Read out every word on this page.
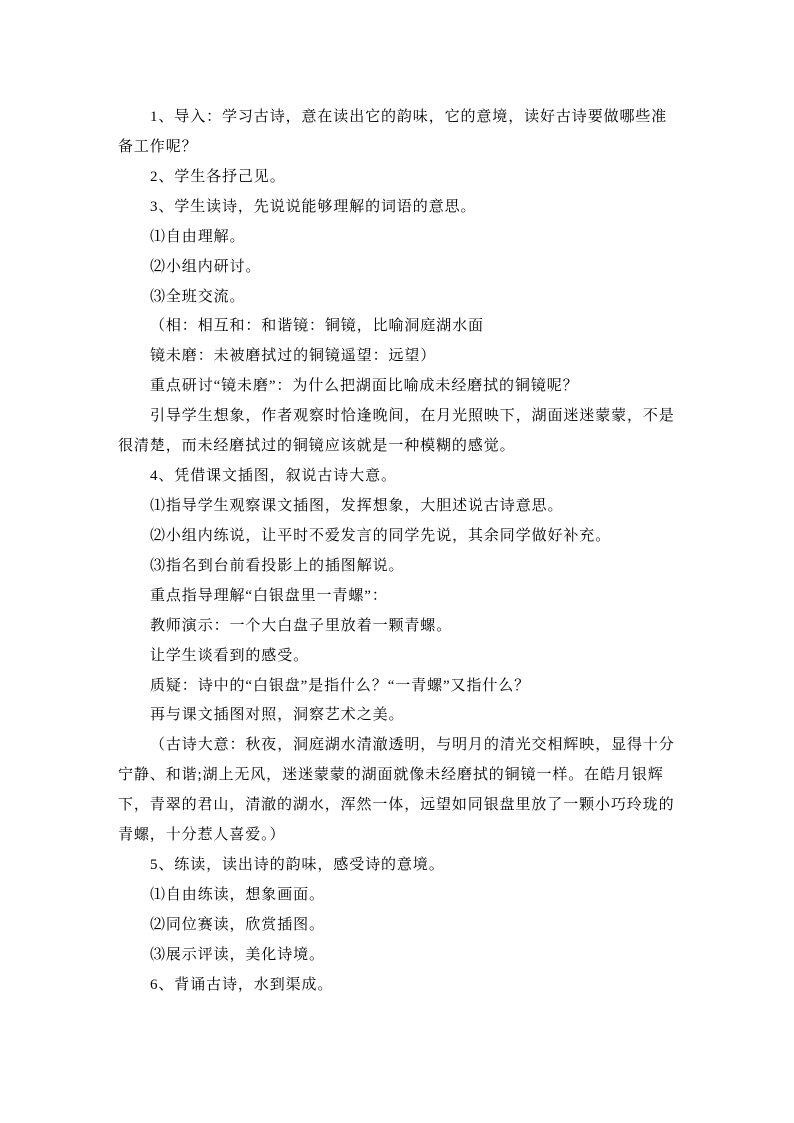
1、导入：学习古诗，意在读出它的韵味，它的意境，读好古诗要做哪些准
备工作呢？
2、学生各抒己见。
3、学生读诗，先说说能够理解的词语的意思。
⑴自由理解。
⑵小组内研讨。
⑶全班交流。
（相：相互和：和谐镜：铜镜，比喻洞庭湖水面
镜未磨：未被磨拭过的铜镜遥望：远望）
重点研讨“镜未磨”：为什么把湖面比喻成未经磨拭的铜镜呢？
引导学生想象，作者观察时恰逢晚间，在月光照映下，湖面迷迷蒙蒙，不是
很清楚，而未经磨拭过的铜镜应该就是一种模糊的感觉。
4、凭借课文插图，叙说古诗大意。
⑴指导学生观察课文插图，发挥想象，大胆述说古诗意思。
⑵小组内练说，让平时不爱发言的同学先说，其余同学做好补充。
⑶指名到台前看投影上的插图解说。
重点指导理解“白银盘里一青螺”：
教师演示：一个大白盘子里放着一颗青螺。
让学生谈看到的感受。
质疑：诗中的“白银盘”是指什么？“一青螺”又指什么？
再与课文插图对照，洞察艺术之美。
（古诗大意：秋夜，洞庭湖水清澈透明，与明月的清光交相辉映，显得十分
宁静、和谐;湖上无风，迷迷蒙蒙的湖面就像未经磨拭的铜镜一样。在皓月银辉
下，青翠的君山，清澈的湖水，浑然一体，远望如同银盘里放了一颗小巧玲珑的
青螺，十分惹人喜爱。）
5、练读，读出诗的韵味，感受诗的意境。
⑴自由练读，想象画面。
⑵同位赛读，欣赏插图。
⑶展示评读，美化诗境。
6、背诵古诗，水到渠成。
